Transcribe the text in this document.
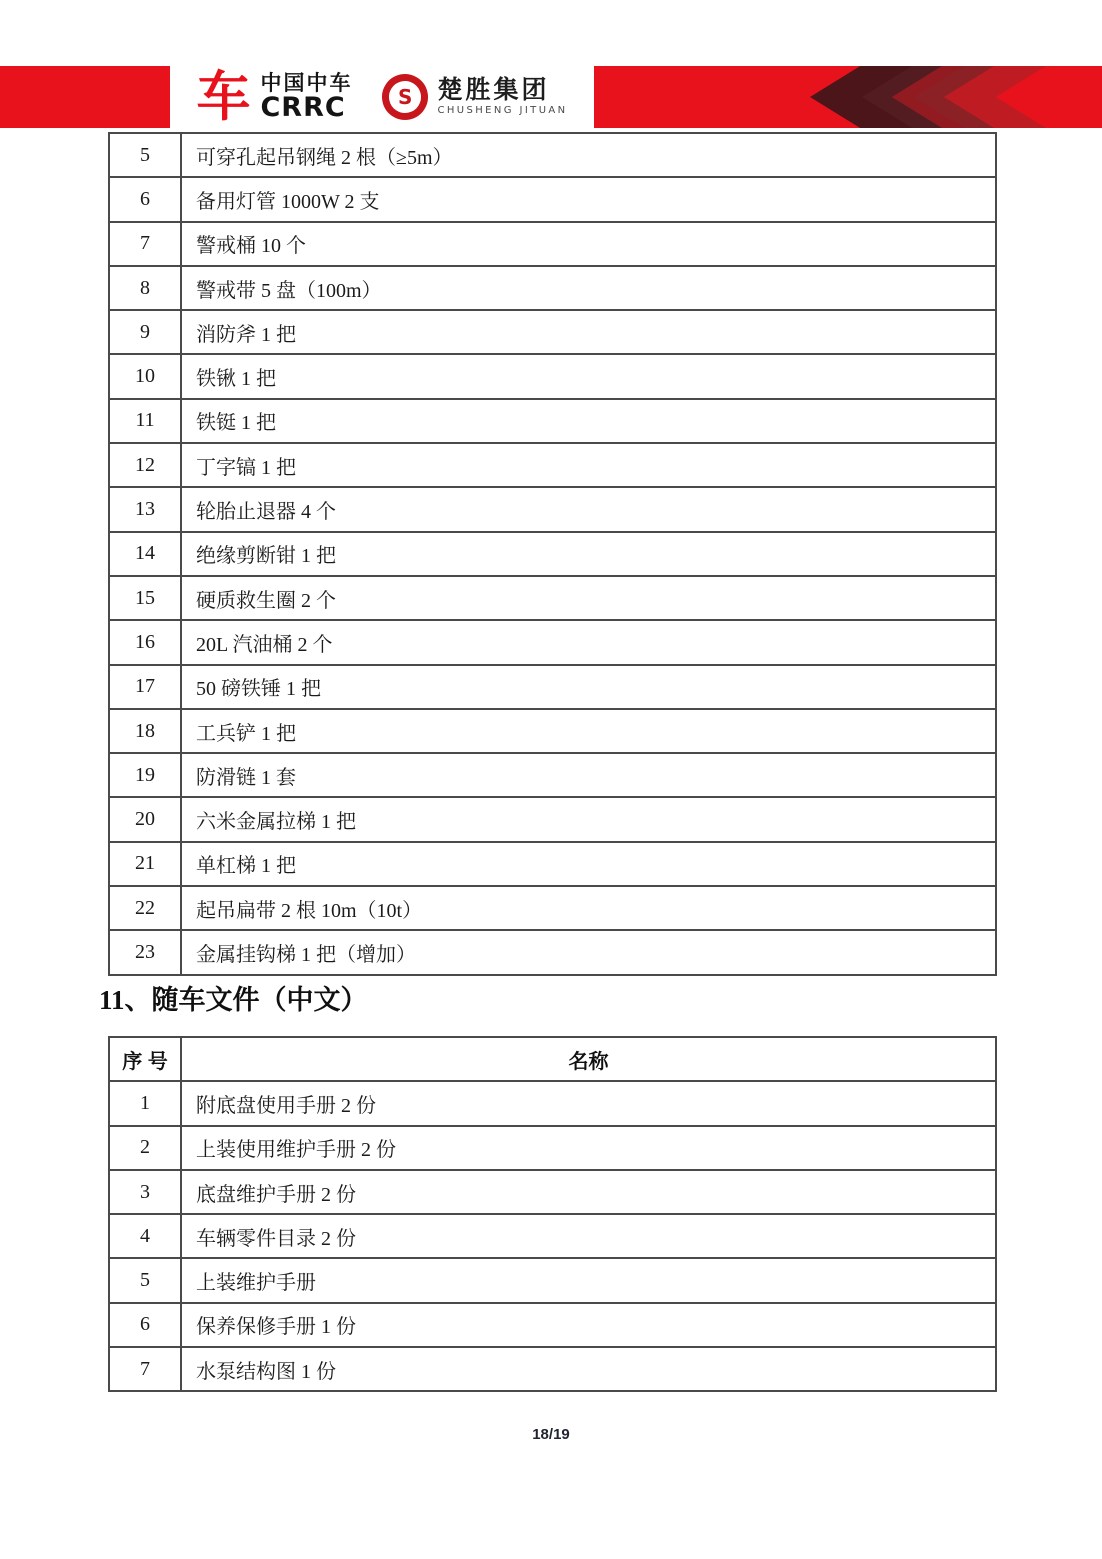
车 中国中车
CRRC	S 楚胜集团
CHUSHENG JITUAN
5	可穿孔起吊钢绳 2 根（≥5m）
6	备用灯管 1000W 2 支
7	警戒桶 10 个
8	警戒带 5 盘（100m）
9	消防斧 1 把
10	铁锹 1 把
11	铁铤 1 把
12	丁字镐 1 把
13	轮胎止退器 4 个
14	绝缘剪断钳 1 把
15	硬质救生圈 2 个
16	20L 汽油桶 2 个
17	50 磅铁锤 1 把
18	工兵铲 1 把
19	防滑链 1 套
20	六米金属拉梯 1 把
21	单杠梯 1 把
22	起吊扁带 2 根 10m（10t）
23	金属挂钩梯 1 把（增加）
11、随车文件（中文）
序 号	名称
1	附底盘使用手册 2 份
2	上装使用维护手册 2 份
3	底盘维护手册 2 份
4	车辆零件目录 2 份
5	上装维护手册
6	保养保修手册 1 份
7	水泵结构图 1 份
18/19
